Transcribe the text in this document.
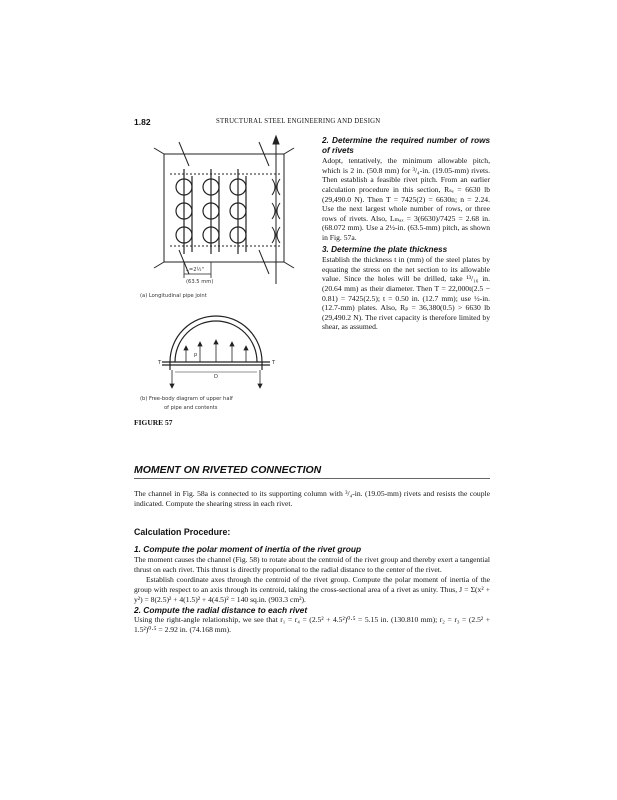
1.82	STRUCTURAL STEEL ENGINEERING AND DESIGN
L=2½"
(63.5 mm)
(a) Longitudinal pipe joint
T	T
p
D
(b) Free-body diagram of upper half
of pipe and contents
FIGURE 57
2. Determine the required number of rows of rivets

Adopt, tentatively, the minimum allowable pitch, which is 2 in. (50.8 mm) for ³/₄-in. (19.05-mm) rivets. Then establish a feasible rivet pitch. From an earlier calculation procedure in this section, Rₛₑ = 6630 lb (29,490.0 N). Then T = 7425(2) = 6630n; n = 2.24. Use the next largest whole number of rows, or three rows of rivets. Also, Lₘₐₓ = 3(6630)/7425 = 2.68 in. (68.072 mm). Use a 2½-in. (63.5-mm) pitch, as shown in Fig. 57a.

3. Determine the plate thickness

Establish the thickness t in (mm) of the steel plates by equating the stress on the net section to its allowable value. Since the holes will be drilled, take ¹³/₁₆ in. (20.64 mm) as their diameter. Then T = 22,000t(2.5 − 0.81) = 7425(2.5); t = 0.50 in. (12.7 mm); use ½-in. (12.7-mm) plates. Also, Rₚ = 36,380(0.5) > 6630 lb (29,490.2 N). The rivet capacity is therefore limited by shear, as assumed.

MOMENT ON RIVETED CONNECTION
The channel in Fig. 58a is connected to its supporting column with ³/₄-in. (19.05-mm) rivets and resists the couple indicated. Compute the shearing stress in each rivet.
Calculation Procedure:
1. Compute the polar moment of inertia of the rivet group

The moment causes the channel (Fig. 58) to rotate about the centroid of the rivet group and thereby exert a tangential thrust on each rivet. This thrust is directly proportional to the radial distance to the center of the rivet.

Establish coordinate axes through the centroid of the rivet group. Compute the polar moment of inertia of the group with respect to an axis through its centroid, taking the cross-sectional area of a rivet as unity. Thus, J = Σ(x² + y²) = 8(2.5)² + 4(1.5)² + 4(4.5)² = 140 sq.in. (903.3 cm²).

2. Compute the radial distance to each rivet

Using the right-angle relationship, we see that r₁ = r₄ = (2.5² + 4.5²)⁰·⁵ = 5.15 in. (130.810 mm); r₂ = r₃ = (2.5² + 1.5²)⁰·⁵ = 2.92 in. (74.168 mm).
